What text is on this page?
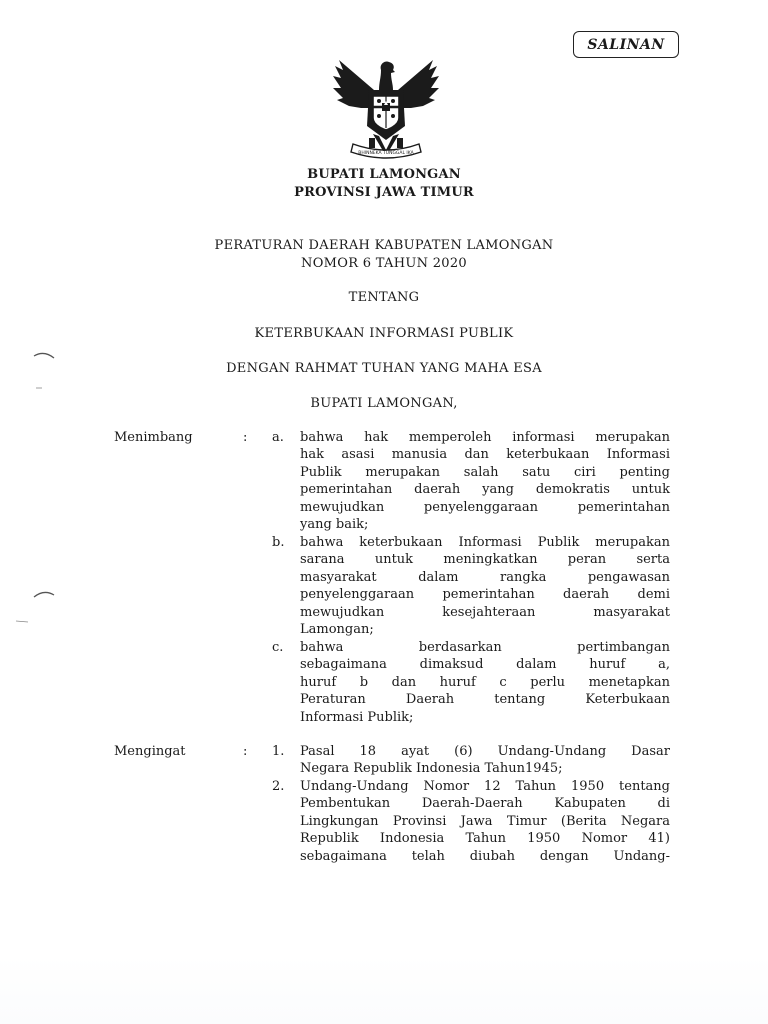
SALINAN
BHINNEKA TUNGGAL IKA
BUPATI LAMONGAN
PROVINSI JAWA TIMUR
PERATURAN DAERAH KABUPATEN LAMONGAN
NOMOR 6 TAHUN 2020
TENTANG
KETERBUKAAN INFORMASI PUBLIK
DENGAN RAHMAT TUHAN YANG MAHA ESA
BUPATI LAMONGAN,
Menimbang	: a. bahwa hak memperoleh informasi merupakan
hak asasi manusia dan keterbukaan Informasi
Publik merupakan salah satu ciri penting
pemerintahan daerah yang demokratis untuk
mewujudkan penyelenggaraan pemerintahan
yang baik;
b. bahwa keterbukaan Informasi Publik merupakan
sarana untuk meningkatkan peran serta
masyarakat dalam rangka pengawasan
penyelenggaraan pemerintahan daerah demi
mewujudkan kesejahteraan masyarakat
Lamongan;
c. bahwa berdasarkan pertimbangan
sebagaimana dimaksud dalam huruf a,
huruf b dan huruf c perlu menetapkan
Peraturan Daerah tentang Keterbukaan
Informasi Publik;
Mengingat	: 1. Pasal 18 ayat (6) Undang-Undang Dasar
Negara Republik Indonesia Tahun1945;
2. Undang-Undang Nomor 12 Tahun 1950 tentang
Pembentukan Daerah-Daerah Kabupaten di
Lingkungan Provinsi Jawa Timur (Berita Negara
Republik Indonesia Tahun 1950 Nomor 41)
sebagaimana telah diubah dengan Undang-
